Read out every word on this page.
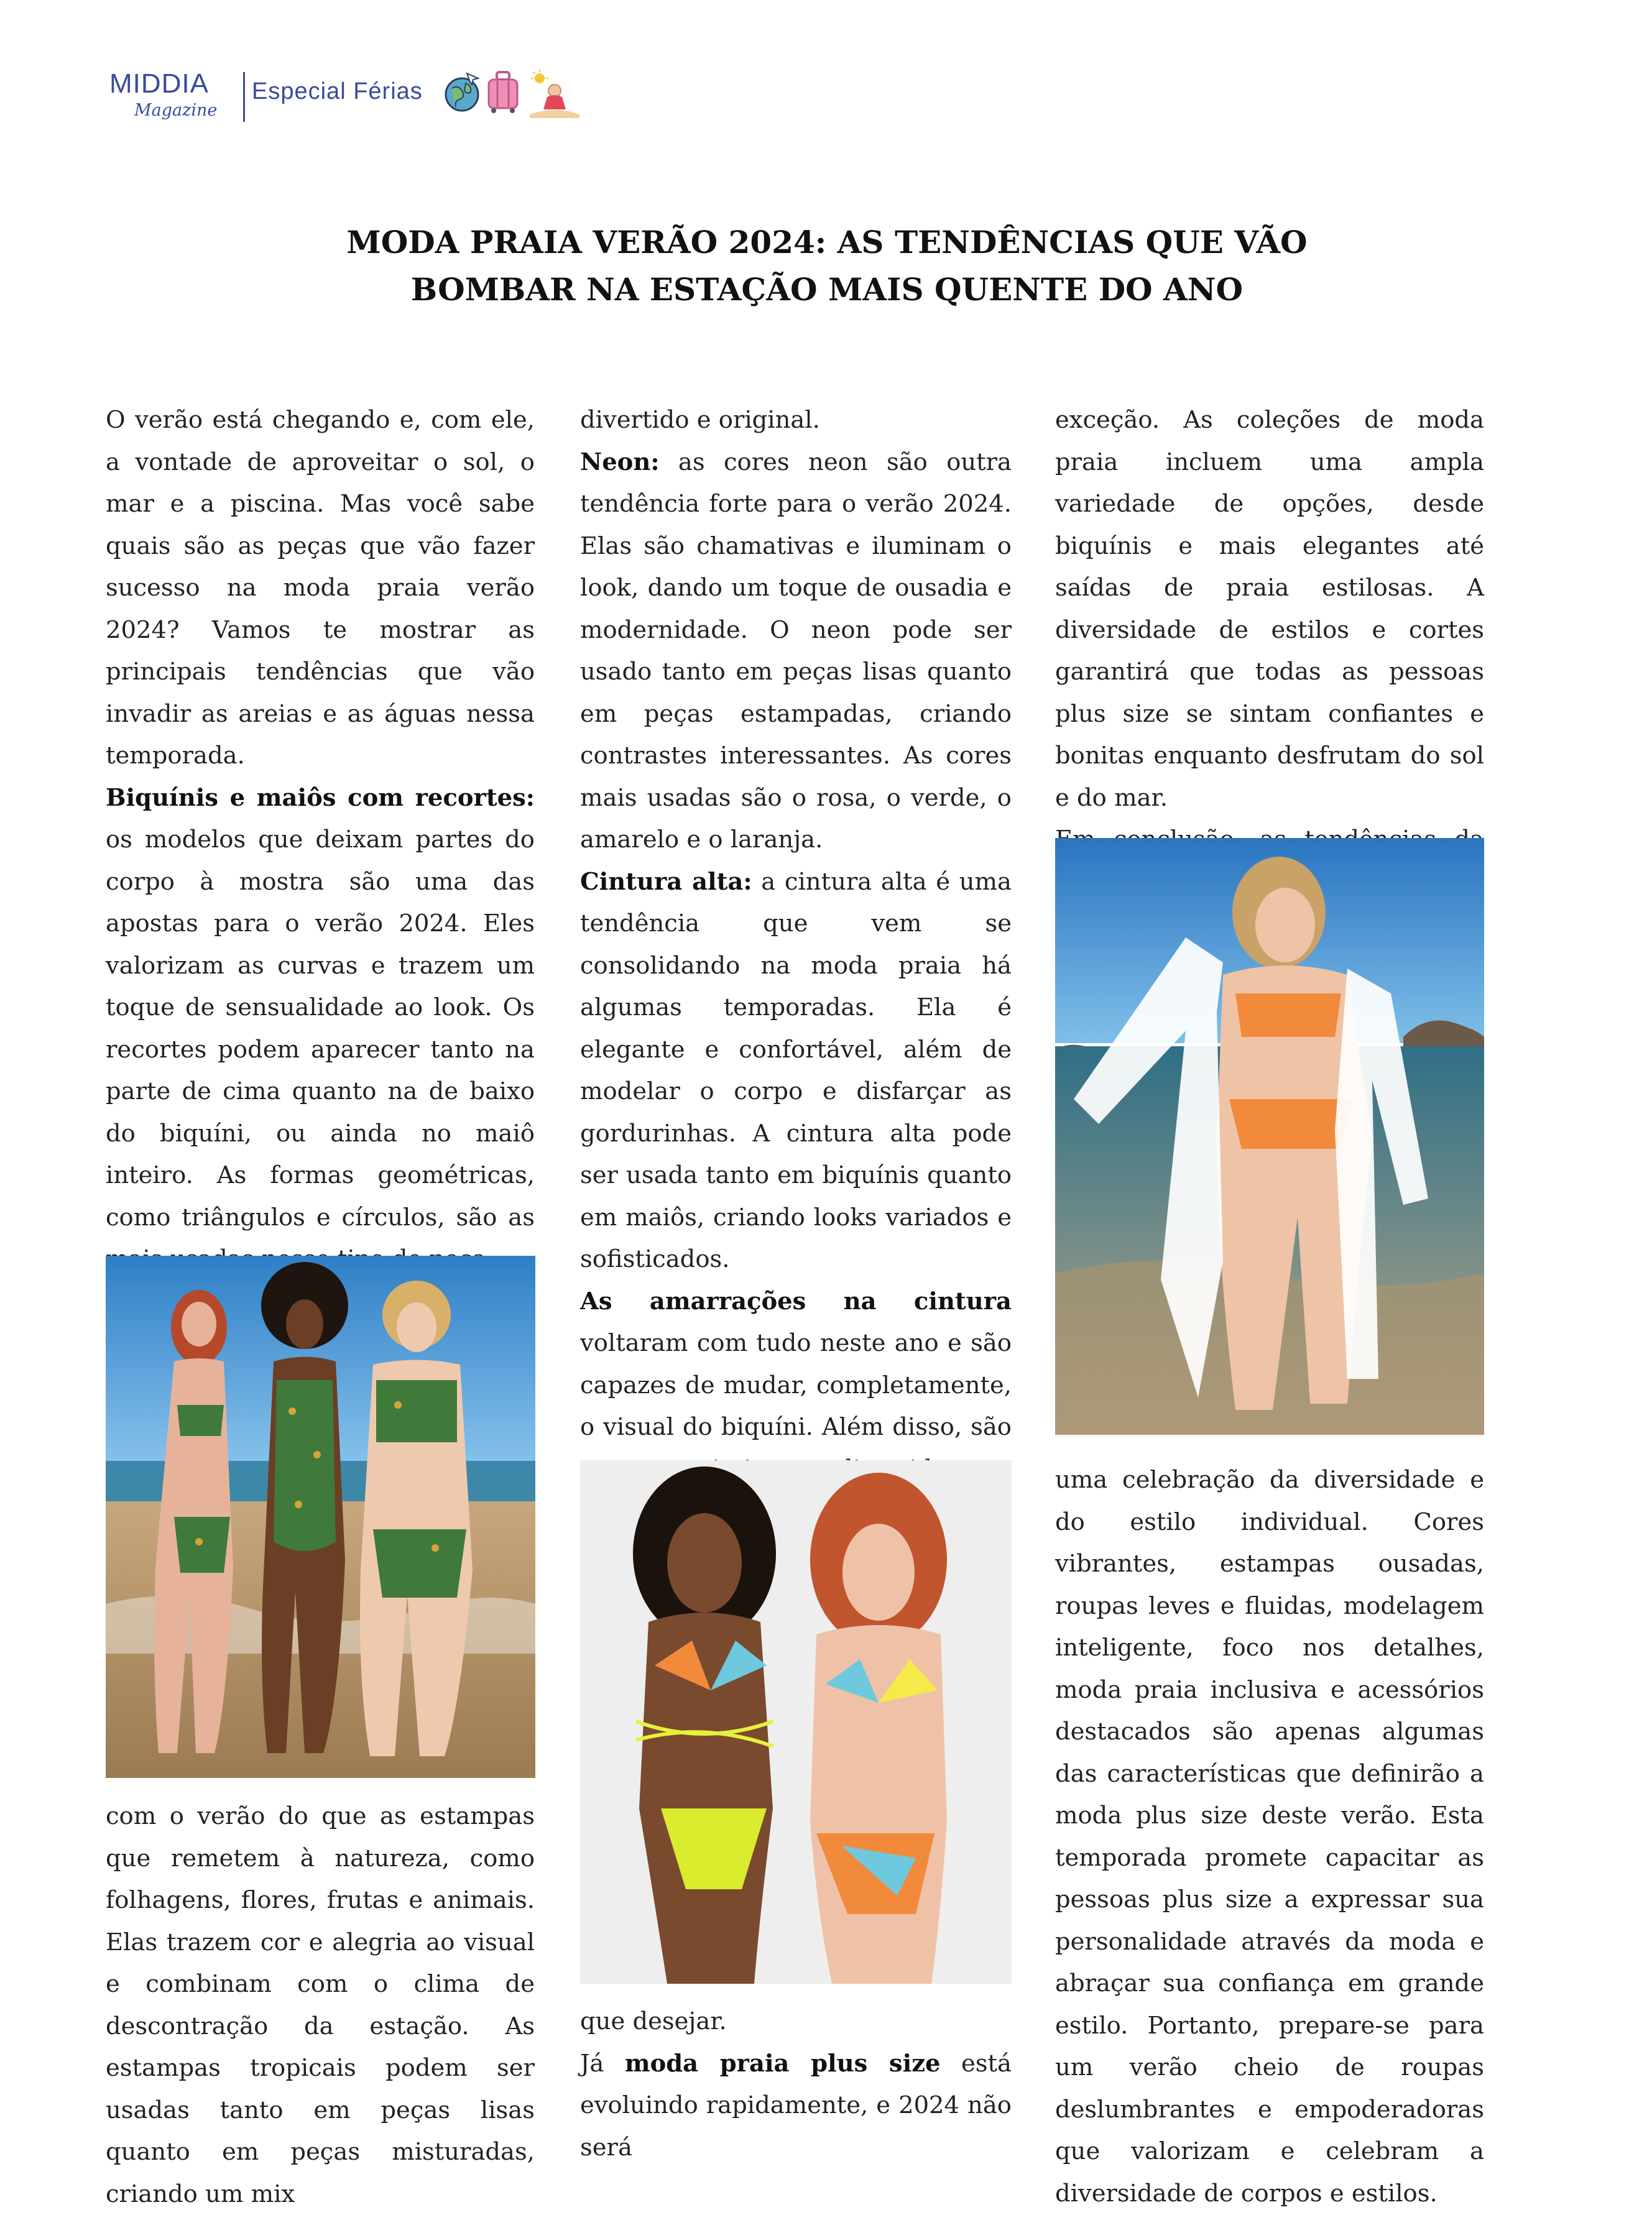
MIDDIA
Magazine
Especial Férias
MODA PRAIA VERÃO 2024: AS TENDÊNCIAS QUE VÃO
BOMBAR NA ESTAÇÃO MAIS QUENTE DO ANO

O verão está chegando e, com ele, a vontade de aproveitar o sol, o mar e a piscina. Mas você sabe quais são as peças que vão fazer sucesso na moda praia verão 2024? Vamos te mostrar as principais tendências que vão invadir as areias e as águas nessa temporada.

Biquínis e maiôs com recortes: os modelos que deixam partes do corpo à mostra são uma das apostas para o verão 2024. Eles valorizam as curvas e trazem um toque de sensualidade ao look. Os recortes podem aparecer tanto na parte de cima quanto na de baixo do biquíni, ou ainda no maiô inteiro. As formas geométricas, como triângulos e círculos, são as

com o verão do que as estampas que remetem à natureza, como folhagens, flores, frutas e animais. Elas trazem cor e alegria ao visual e combinam com o clima de descontração da estação. As estampas tropicais podem ser usadas tanto em peças lisas quanto em peças misturadas, criando um mix

divertido e original.

Neon: as cores neon são outra tendência forte para o verão 2024. Elas são chamativas e iluminam o look, dando um toque de ousadia e modernidade. O neon pode ser usado tanto em peças lisas quanto em peças estampadas, criando contrastes interessantes. As cores mais usadas são o rosa, o verde, o amarelo e o laranja.

Cintura alta: a cintura alta é uma tendência que vem se consolidando na moda praia há algumas temporadas. Ela é elegante e confortável, além de modelar o corpo e disfarçar as gordurinhas. A cintura alta pode ser usada tanto em biquínis quanto em maiôs, criando looks variados e sofisticados.

As amarrações na cintura voltaram com tudo neste ano e são capazes de mudar, completamente, o visual do biquíni. Além disso, são

que desejar.

Já moda praia plus size está evoluindo rapidamente, e 2024 não será

exceção. As coleções de moda praia incluem uma ampla variedade de opções, desde biquínis e mais elegantes até saídas de praia estilosas. A diversidade de estilos e cortes garantirá que todas as pessoas plus size se sintam confiantes e bonitas enquanto desfrutam do sol e do mar.

uma celebração da diversidade e do estilo individual. Cores vibrantes, estampas ousadas, roupas leves e fluidas, modelagem inteligente, foco nos detalhes, moda praia inclusiva e acessórios destacados são apenas algumas das características que definirão a moda plus size deste verão. Esta temporada promete capacitar as pessoas plus size a expressar sua personalidade através da moda e abraçar sua confiança em grande estilo. Portanto, prepare-se para um verão cheio de roupas deslumbrantes e empoderadoras que valorizam e celebram a diversidade de corpos e estilos.
